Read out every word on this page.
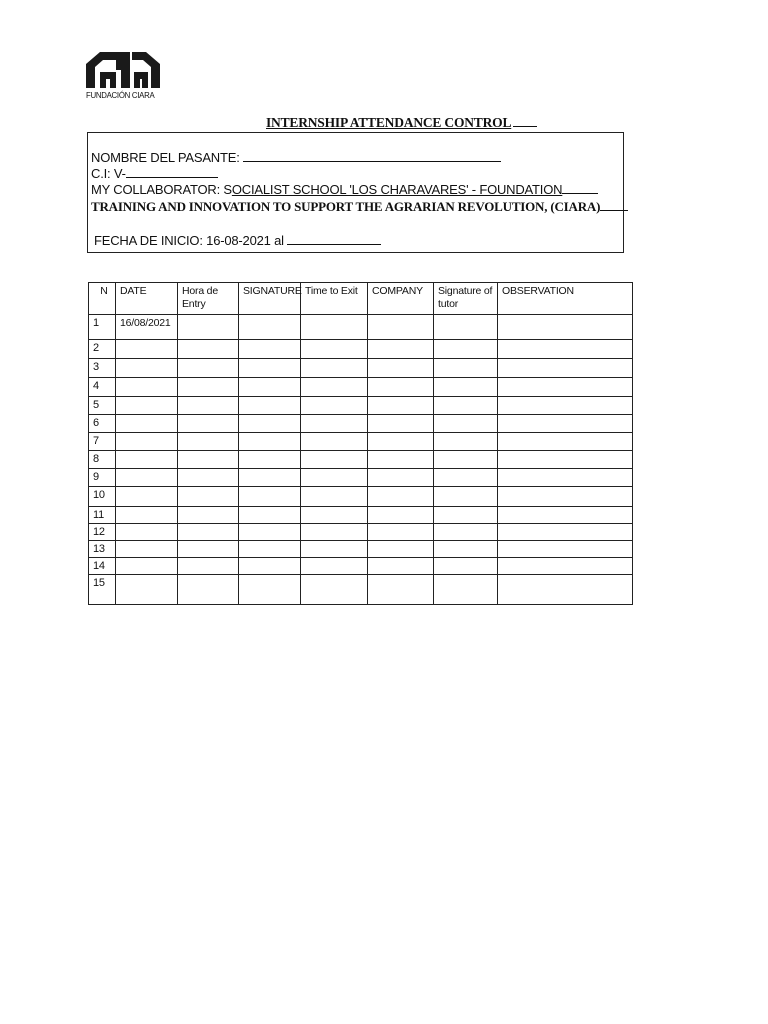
FUNDACIÓN CIARA
INTERNSHIP ATTENDANCE CONTROL
NOMBRE DEL PASANTE:
C.I: V-
MY COLLABORATOR: SOCIALIST SCHOOL 'LOS CHARAVARES' - FOUNDATION
TRAINING AND INNOVATION TO SUPPORT THE AGRARIAN REVOLUTION, (CIARA)
FECHA DE INICIO: 16-08-2021 al
N	DATE	Hora de Entry	SIGNATURE	Time to Exit	COMPANY	Signature of tutor	OBSERVATION

1	16/08/2021						

2							

3							

4							

5							

6							

7							

8							

9							

10							

11							

12							

13							

14							

15							
